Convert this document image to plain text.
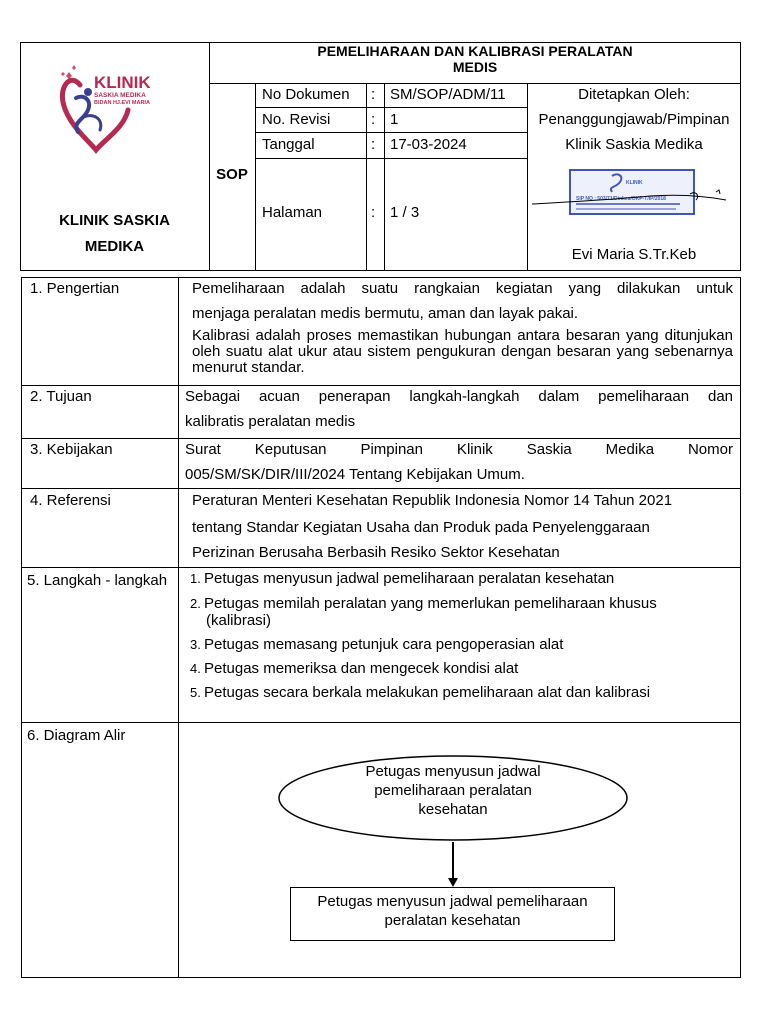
KLINIK
SASKIA MEDIKA
BIDAN HJ.EVI MARIA
KLINIK SASKIA
MEDIKA
PEMELIHARAAN DAN KALIBRASI PERALATAN
MEDIS
SOP
No Dokumen : SM/SOP/ADM/11
No. Revisi	: 1
Tanggal	: 17-03-2024
Halaman	: 1 / 3
Ditetapkan Oleh:
Penanggungjawab/Pimpinan
Klinik Saskia Medika
KLINIK
SIP NO : 503/71/Dinkes/OKP-T/IP/2018
Evi Maria S.Tr.Keb
1. Pengertian	Pemeliharaan adalah suatu rangkaian kegiatan yang dilakukan untuk
menjaga peralatan medis bermutu, aman dan layak pakai.
Kalibrasi adalah proses memastikan hubungan antara besaran yang ditunjukan
oleh suatu alat ukur atau sistem pengukuran dengan besaran yang sebenarnya
menurut standar.
2. Tujuan	Sebagai acuan penerapan langkah-langkah dalam pemeliharaan dan
kalibratis peralatan medis
3. Kebijakan	Surat Keputusan Pimpinan Klinik Saskia Medika Nomor
005/SM/SK/DIR/III/2024 Tentang Kebijakan Umum.
4. Referensi	Peraturan Menteri Kesehatan Republik Indonesia Nomor 14 Tahun 2021
tentang Standar Kegiatan Usaha dan Produk pada Penyelenggaraan
Perizinan Berusaha Berbasih Resiko Sektor Kesehatan
5. Langkah - langkah 1. Petugas menyusun jadwal pemeliharaan peralatan kesehatan
2. Petugas memilah peralatan yang memerlukan pemeliharaan khusus
(kalibrasi)
3. Petugas memasang petunjuk cara pengoperasian alat
4. Petugas memeriksa dan mengecek kondisi alat
5. Petugas secara berkala melakukan pemeliharaan alat dan kalibrasi
6. Diagram Alir
Petugas menyusun jadwal
pemeliharaan peralatan
kesehatan
Petugas menyusun jadwal pemeliharaan
peralatan kesehatan
